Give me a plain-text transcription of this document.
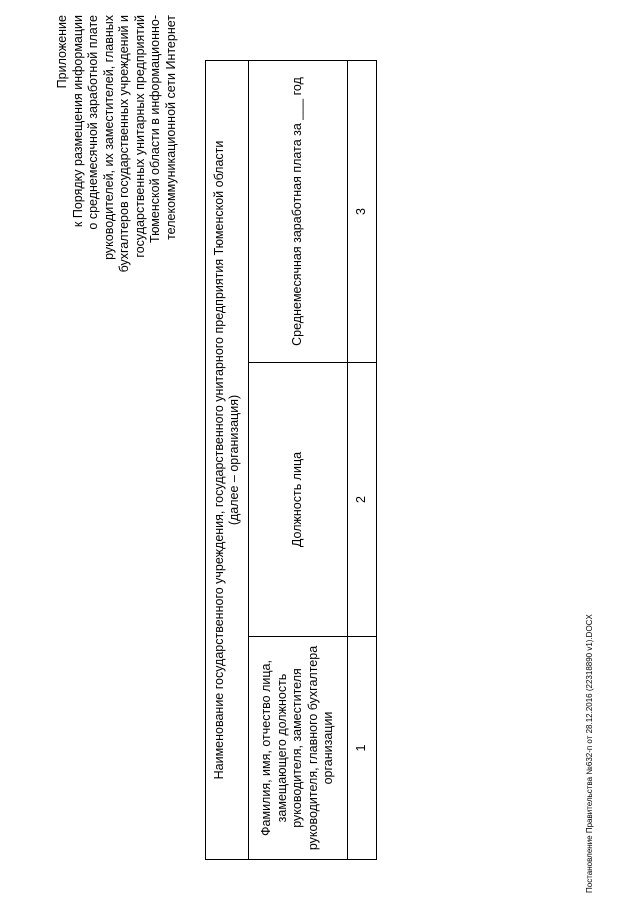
Приложение к Порядку размещения информации о среднемесячной заработной плате руководителей, их заместителей, главных бухгалтеров государственных учреждений и государственных унитарных предприятий Тюменской области в информационно- телекоммуникационной сети Интернет
Наименование государственного учреждения, государственного унитарного предприятия Тюменской области (далее – организация)
Фамилия, имя, отчество лица, замещающего должность руководителя, заместителя руководителя, главного бухгалтера организации
Должность лица
Среднемесячная заработная плата за ___ год
1
2
3
Постановление Правительства №632-п от 28.12.2016 (22318890 v1).DOCX
